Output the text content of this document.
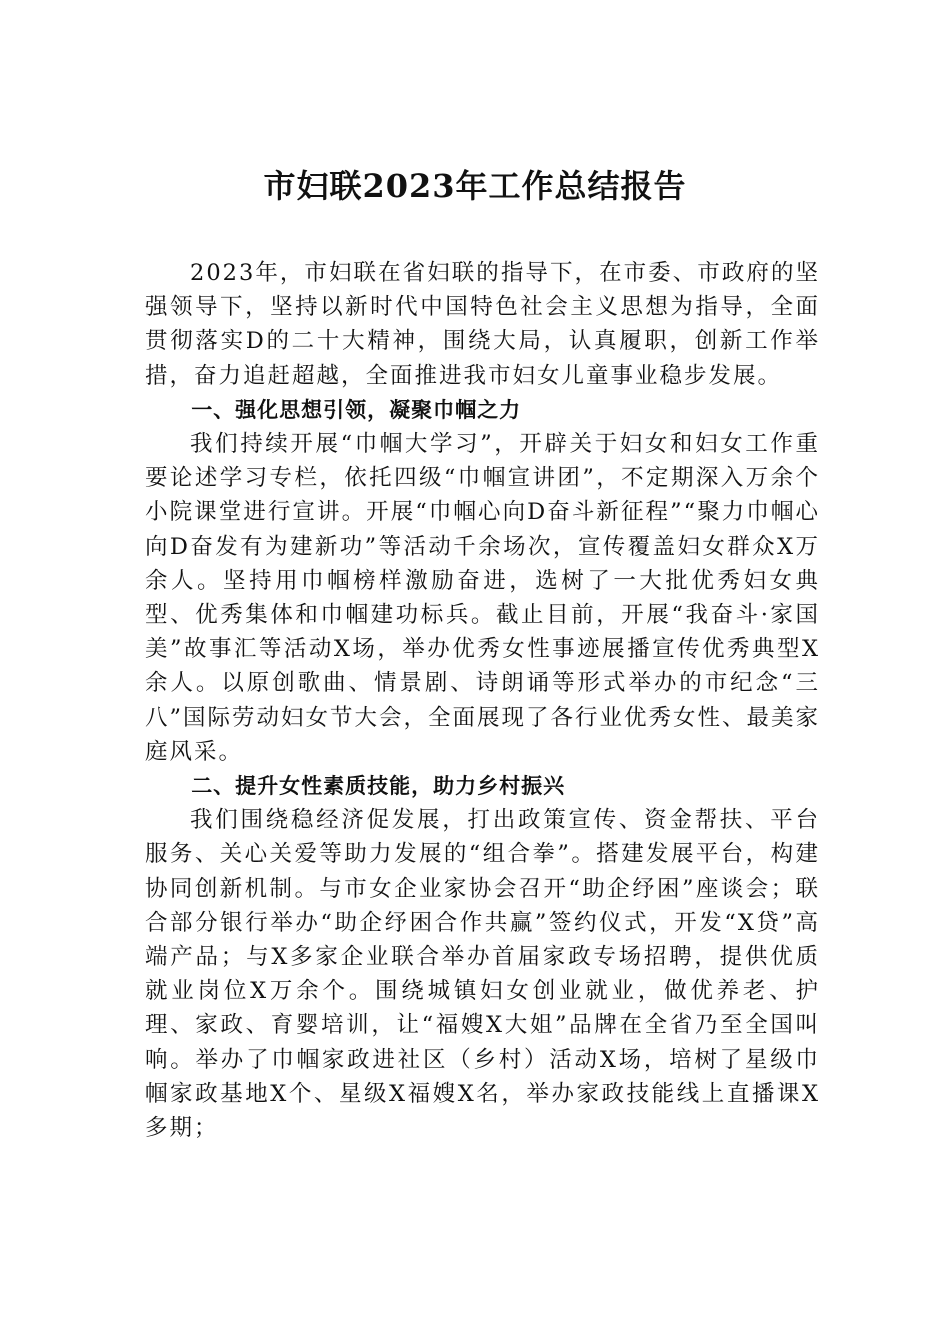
市妇联2023年工作总结报告

2023年，市妇联在省妇联的指导下，在市委、市政府的坚强领导下，坚持以新时代中国特色社会主义思想为指导，全面贯彻落实D的二十大精神，围绕大局，认真履职，创新工作举措，奋力追赶超越，全面推进我市妇女儿童事业稳步发展。

一、强化思想引领，凝聚巾帼之力

我们持续开展“巾帼大学习”，开辟关于妇女和妇女工作重要论述学习专栏，依托四级“巾帼宣讲团”，不定期深入万余个小院课堂进行宣讲。开展“巾帼心向D奋斗新征程”“聚力巾帼心向D奋发有为建新功”等活动千余场次，宣传覆盖妇女群众X万余人。坚持用巾帼榜样激励奋进，选树了一大批优秀妇女典型、优秀集体和巾帼建功标兵。截止目前，开展“我奋斗·家国美”故事汇等活动X场，举办优秀女性事迹展播宣传优秀典型X余人。以原创歌曲、情景剧、诗朗诵等形式举办的市纪念“三八”国际劳动妇女节大会，全面展现了各行业优秀女性、最美家庭风采。

二、提升女性素质技能，助力乡村振兴

我们围绕稳经济促发展，打出政策宣传、资金帮扶、平台服务、关心关爱等助力发展的“组合拳”。搭建发展平台，构建协同创新机制。与市女企业家协会召开“助企纾困”座谈会；联合部分银行举办“助企纾困合作共赢”签约仪式，开发“X贷”高端产品；与X多家企业联合举办首届家政专场招聘，提供优质就业岗位X万余个。围绕城镇妇女创业就业，做优养老、护理、家政、育婴培训，让“福嫂X大姐”品牌在全省乃至全国叫响。举办了巾帼家政进社区（乡村）活动X场，培树了星级巾帼家政基地X个、星级X福嫂X名，举办家政技能线上直播课X多期；
